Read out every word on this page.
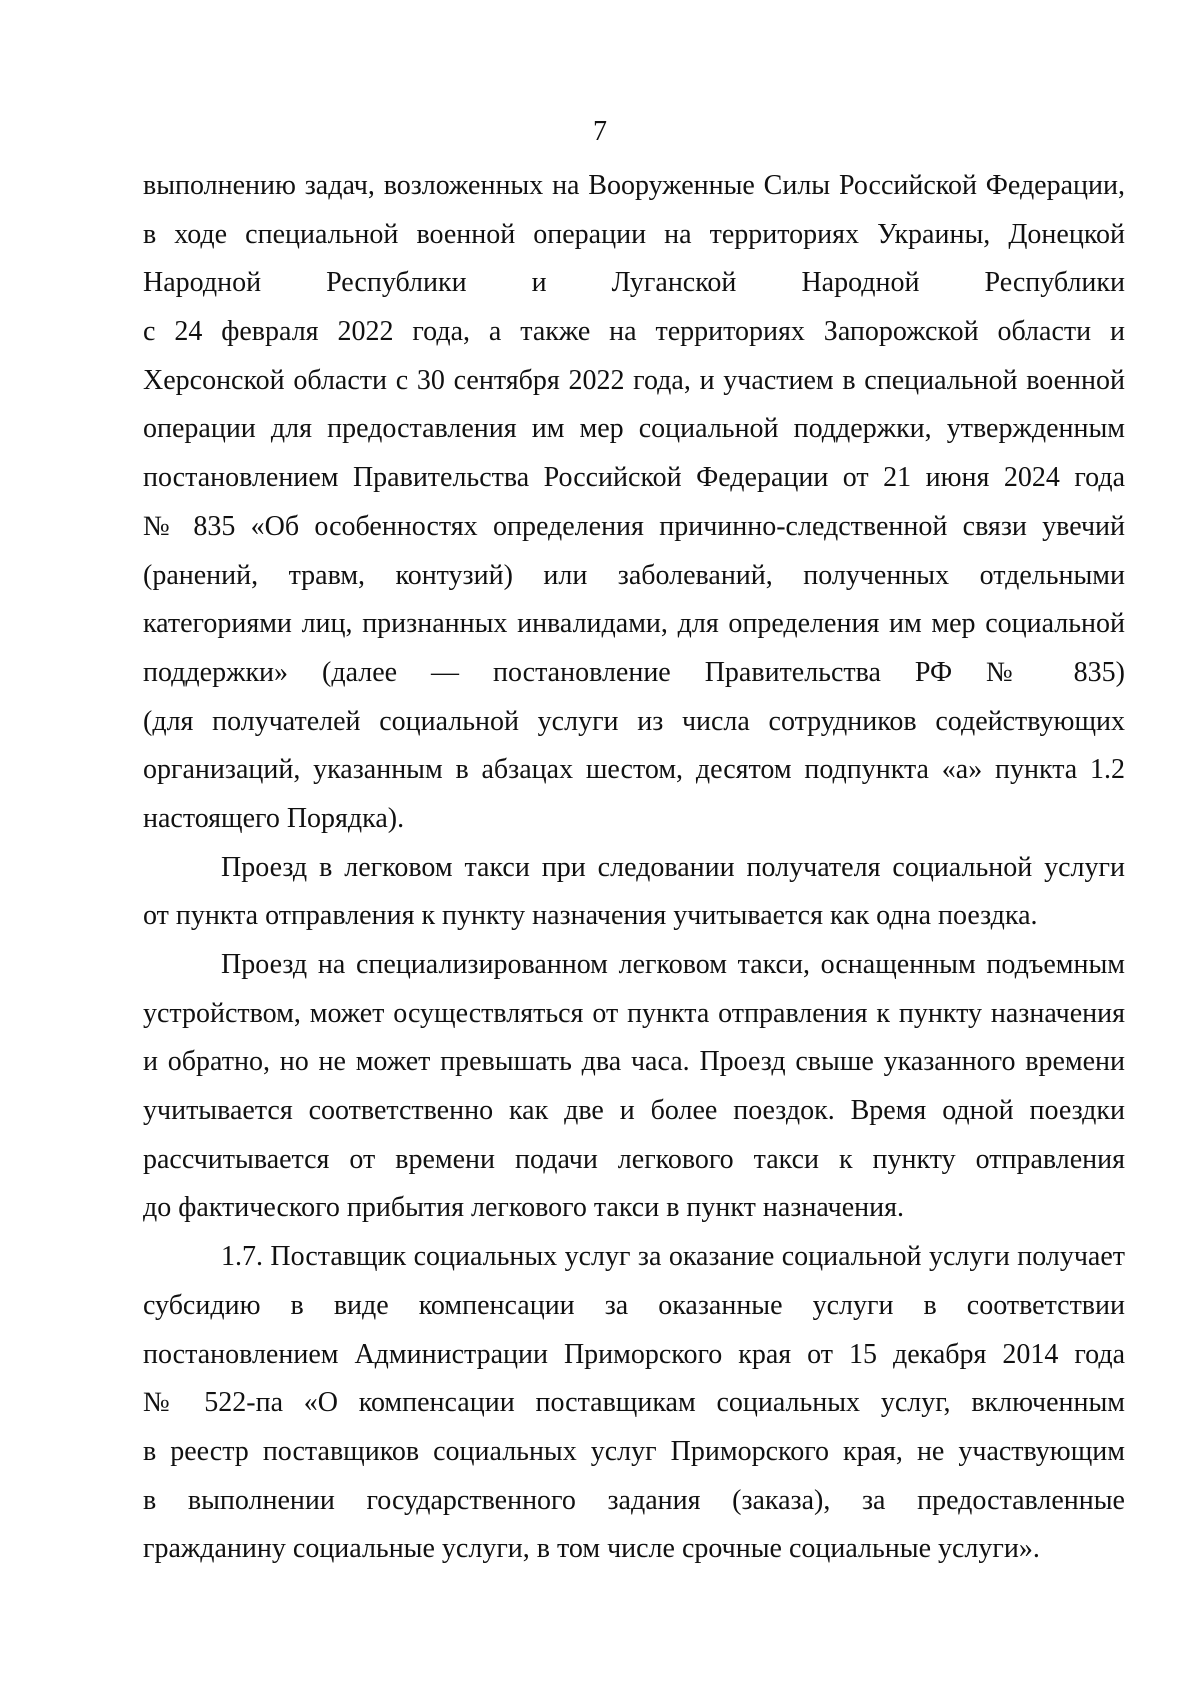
7
выполнению задач, возложенных на Вооруженные Силы Российской Федерации,
в ходе специальной военной операции на территориях Украины, Донецкой
Народной Республики и Луганской Народной Республики
с 24 февраля 2022 года, а также на территориях Запорожской области и
Херсонской области с 30 сентября 2022 года, и участием в специальной военной
операции для предоставления им мер социальной поддержки, утвержденным
постановлением Правительства Российской Федерации от 21 июня 2024 года
№ 835 «Об особенностях определения причинно-следственной связи увечий
(ранений, травм, контузий) или заболеваний, полученных отдельными
категориями лиц, признанных инвалидами, для определения им мер социальной
поддержки» (далее — постановление Правительства РФ № 835)
(для получателей социальной услуги из числа сотрудников содействующих
организаций, указанным в абзацах шестом, десятом подпункта «а» пункта 1.2
настоящего Порядка).
Проезд в легковом такси при следовании получателя социальной услуги
от пункта отправления к пункту назначения учитывается как одна поездка.
Проезд на специализированном легковом такси, оснащенным подъемным
устройством, может осуществляться от пункта отправления к пункту назначения
и обратно, но не может превышать два часа. Проезд свыше указанного времени
учитывается соответственно как две и более поездок. Время одной поездки
рассчитывается от времени подачи легкового такси к пункту отправления
до фактического прибытия легкового такси в пункт назначения.
1.7. Поставщик социальных услуг за оказание социальной услуги получает
субсидию в виде компенсации за оказанные услуги в соответствии
постановлением Администрации Приморского края от 15 декабря 2014 года
№ 522-па «О компенсации поставщикам социальных услуг, включенным
в реестр поставщиков социальных услуг Приморского края, не участвующим
в выполнении государственного задания (заказа), за предоставленные
гражданину социальные услуги, в том числе срочные социальные услуги».
